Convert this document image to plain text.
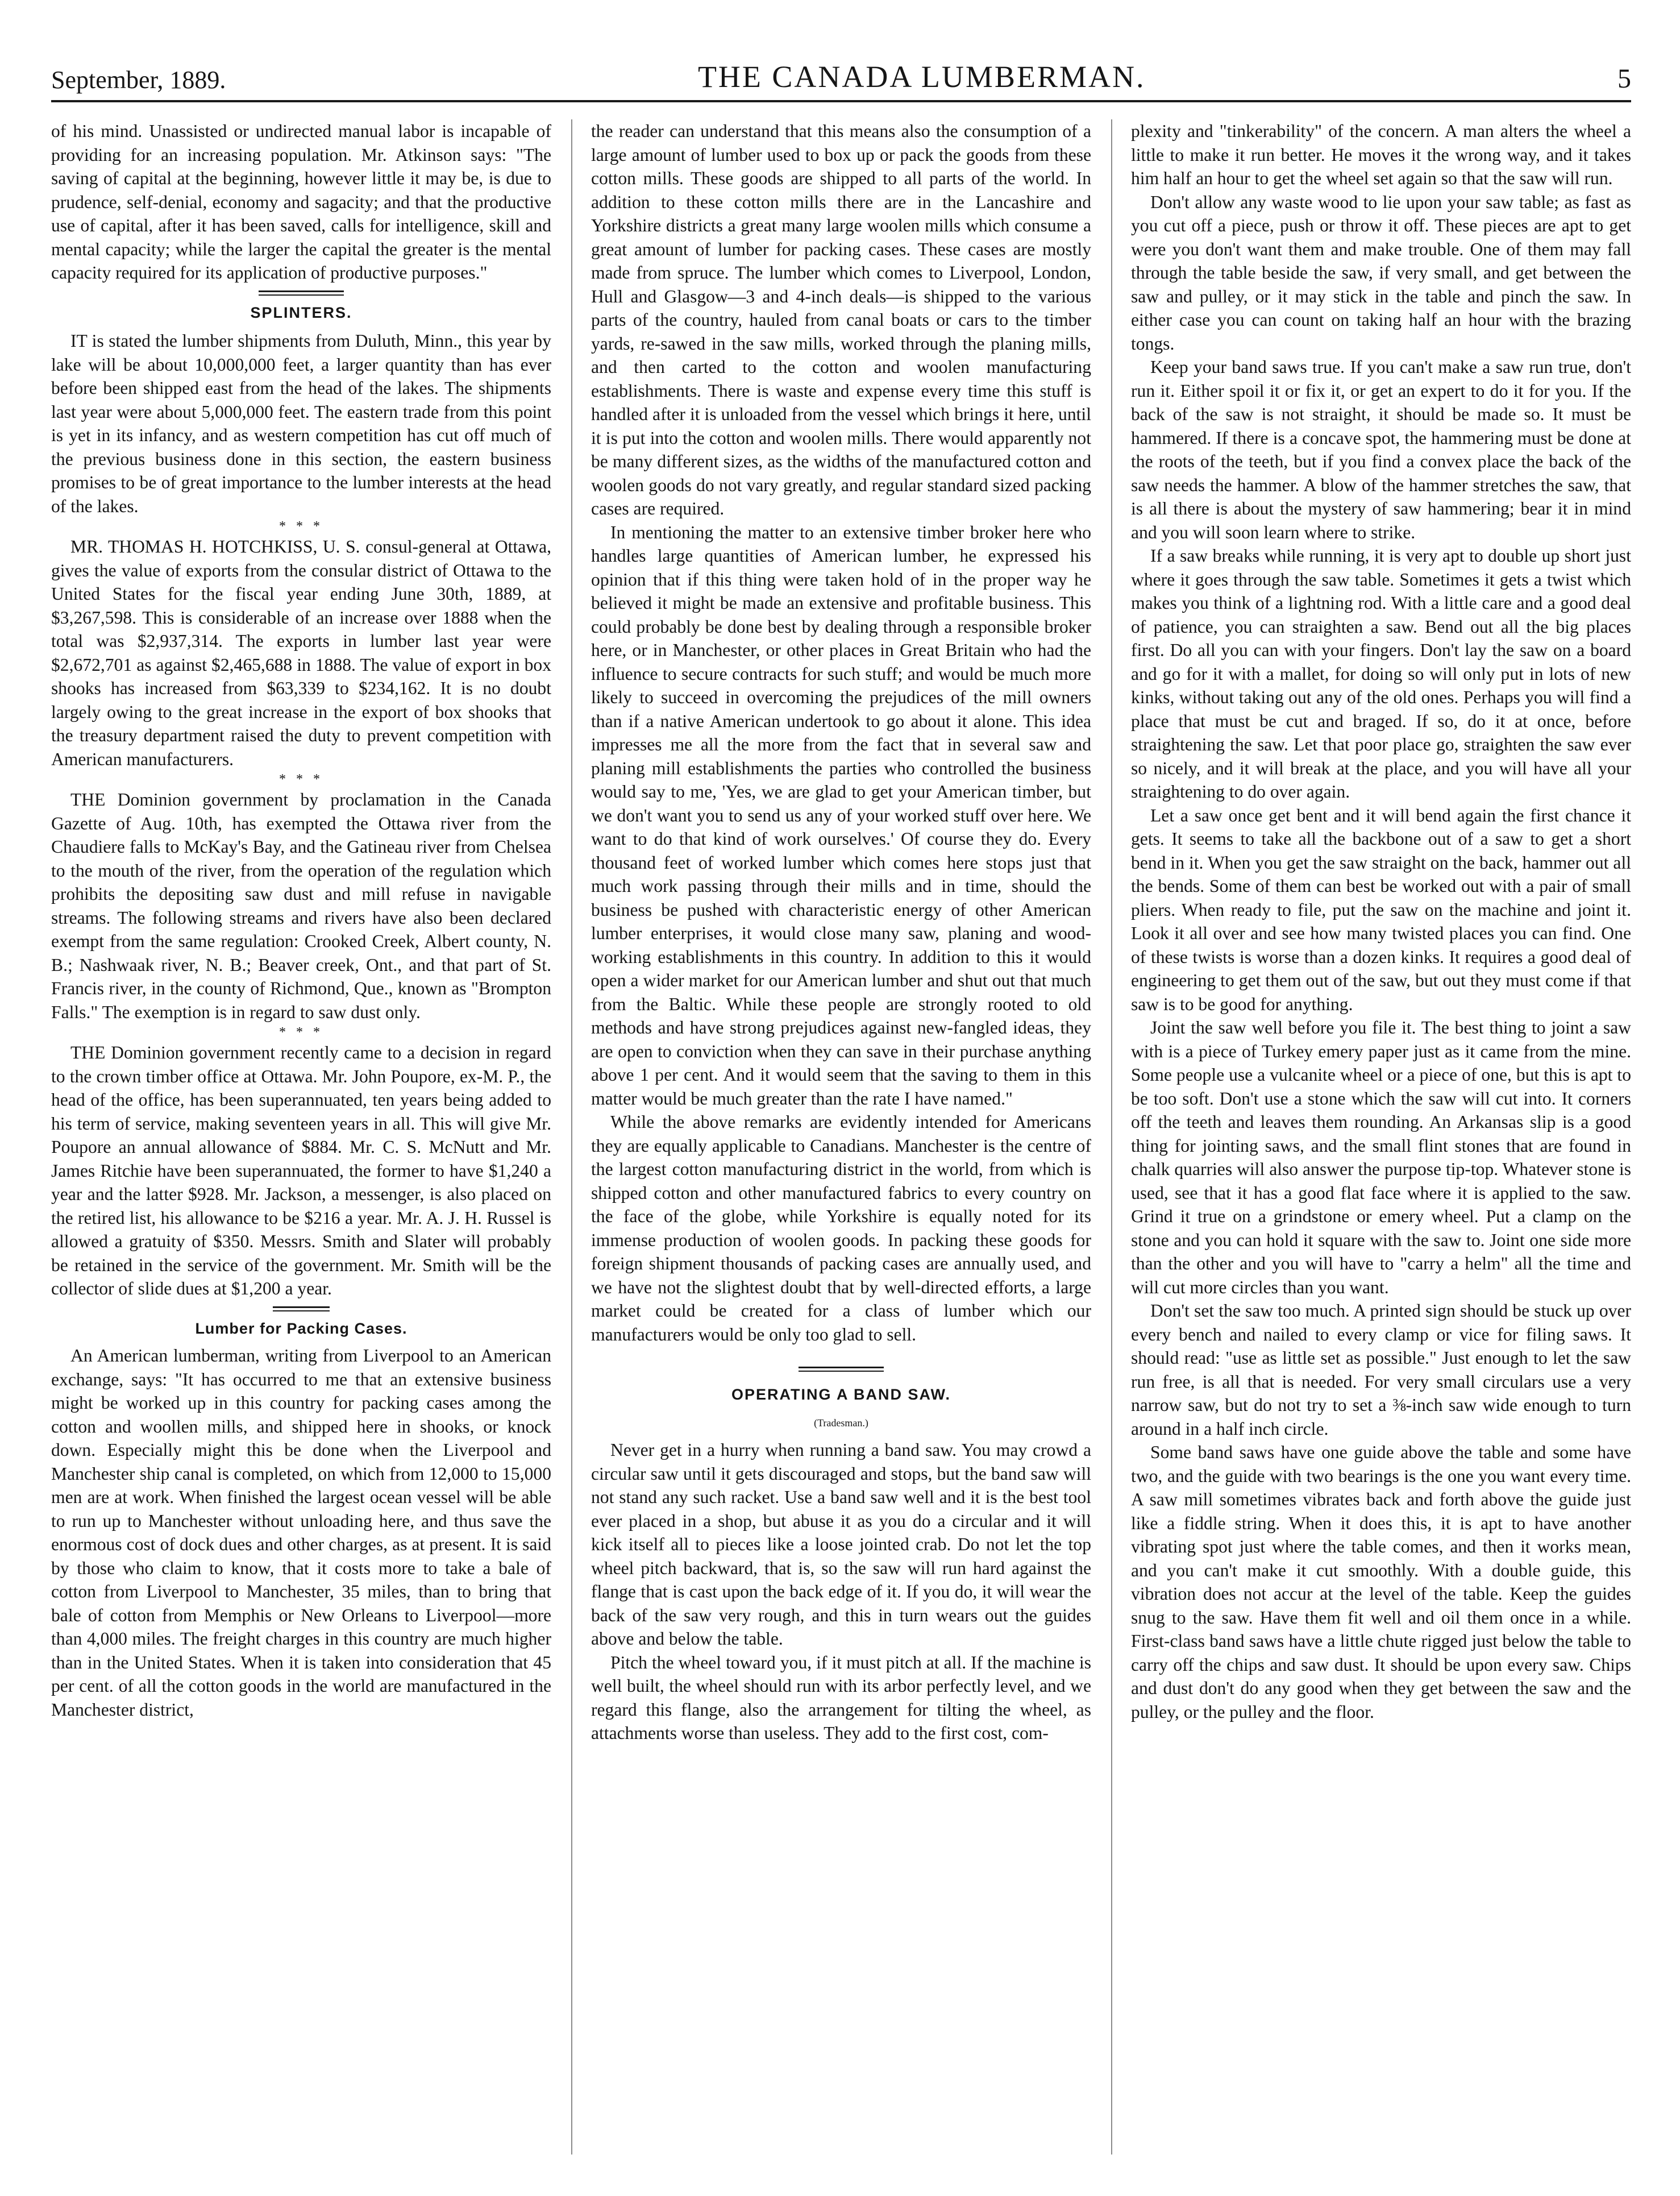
September, 1889.	THE CANADA LUMBERMAN.	5

of his mind. Unassisted or undirected manual labor is incapable of providing for an increasing population. Mr. Atkinson says: "The saving of capital at the beginning, however little it may be, is due to prudence, self-denial, economy and sagacity; and that the productive use of capital, after it has been saved, calls for intelligence, skill and mental capacity; while the larger the capital the greater is the mental capacity required for its application of productive purposes."

SPLINTERS.

IT is stated the lumber shipments from Duluth, Minn., this year by lake will be about 10,000,000 feet, a larger quantity than has ever before been shipped east from the head of the lakes. The shipments last year were about 5,000,000 feet. The eastern trade from this point is yet in its infancy, and as western competition has cut off much of the previous business done in this section, the eastern business promises to be of great importance to the lumber interests at the head of the lakes.

* * *

MR. THOMAS H. HOTCHKISS, U. S. consul-general at Ottawa, gives the value of exports from the consular district of Ottawa to the United States for the fiscal year ending June 30th, 1889, at $3,267,598. This is considerable of an increase over 1888 when the total was $2,937,314. The exports in lumber last year were $2,672,701 as against $2,465,688 in 1888. The value of export in box shooks has increased from $63,339 to $234,162. It is no doubt largely owing to the great increase in the export of box shooks that the treasury department raised the duty to prevent competition with American manufacturers.

* * *

THE Dominion government by proclamation in the Canada Gazette of Aug. 10th, has exempted the Ottawa river from the Chaudiere falls to McKay's Bay, and the Gatineau river from Chelsea to the mouth of the river, from the operation of the regulation which prohibits the depositing saw dust and mill refuse in navigable streams. The following streams and rivers have also been declared exempt from the same regulation: Crooked Creek, Albert county, N. B.; Nashwaak river, N. B.; Beaver creek, Ont., and that part of St. Francis river, in the county of Richmond, Que., known as "Brompton Falls." The exemption is in regard to saw dust only.

* * *

THE Dominion government recently came to a decision in regard to the crown timber office at Ottawa. Mr. John Poupore, ex-M. P., the head of the office, has been superannuated, ten years being added to his term of service, making seventeen years in all. This will give Mr. Poupore an annual allowance of $884. Mr. C. S. McNutt and Mr. James Ritchie have been superannuated, the former to have $1,240 a year and the latter $928. Mr. Jackson, a messenger, is also placed on the retired list, his allowance to be $216 a year. Mr. A. J. H. Russel is allowed a gratuity of $350. Messrs. Smith and Slater will probably be retained in the service of the government. Mr. Smith will be the collector of slide dues at $1,200 a year.

Lumber for Packing Cases.

An American lumberman, writing from Liverpool to an American exchange, says: "It has occurred to me that an extensive business might be worked up in this country for packing cases among the cotton and woollen mills, and shipped here in shooks, or knock down. Especially might this be done when the Liverpool and Manchester ship canal is completed, on which from 12,000 to 15,000 men are at work. When finished the largest ocean vessel will be able to run up to Manchester without unloading here, and thus save the enormous cost of dock dues and other charges, as at present. It is said by those who claim to know, that it costs more to take a bale of cotton from Liverpool to Manchester, 35 miles, than to bring that bale of cotton from Memphis or New Orleans to Liverpool—more than 4,000 miles. The freight charges in this country are much higher than in the United States. When it is taken into consideration that 45 per cent. of all the cotton goods in the world are manufactured in the Manchester district,

the reader can understand that this means also the consumption of a large amount of lumber used to box up or pack the goods from these cotton mills. These goods are shipped to all parts of the world. In addition to these cotton mills there are in the Lancashire and Yorkshire districts a great many large woolen mills which consume a great amount of lumber for packing cases. These cases are mostly made from spruce. The lumber which comes to Liverpool, London, Hull and Glasgow—3 and 4-inch deals—is shipped to the various parts of the country, hauled from canal boats or cars to the timber yards, re-sawed in the saw mills, worked through the planing mills, and then carted to the cotton and woolen manufacturing establishments. There is waste and expense every time this stuff is handled after it is unloaded from the vessel which brings it here, until it is put into the cotton and woolen mills. There would apparently not be many different sizes, as the widths of the manufactured cotton and woolen goods do not vary greatly, and regular standard sized packing cases are required.

In mentioning the matter to an extensive timber broker here who handles large quantities of American lumber, he expressed his opinion that if this thing were taken hold of in the proper way he believed it might be made an extensive and profitable business. This could probably be done best by dealing through a responsible broker here, or in Manchester, or other places in Great Britain who had the influence to secure contracts for such stuff; and would be much more likely to succeed in overcoming the prejudices of the mill owners than if a native American undertook to go about it alone. This idea impresses me all the more from the fact that in several saw and planing mill establishments the parties who controlled the business would say to me, 'Yes, we are glad to get your American timber, but we don't want you to send us any of your worked stuff over here. We want to do that kind of work ourselves.' Of course they do. Every thousand feet of worked lumber which comes here stops just that much work passing through their mills and in time, should the business be pushed with characteristic energy of other American lumber enterprises, it would close many saw, planing and wood-working establishments in this country. In addition to this it would open a wider market for our American lumber and shut out that much from the Baltic. While these people are strongly rooted to old methods and have strong prejudices against new-fangled ideas, they are open to conviction when they can save in their purchase anything above 1 per cent. And it would seem that the saving to them in this matter would be much greater than the rate I have named."

While the above remarks are evidently intended for Americans they are equally applicable to Canadians. Manchester is the centre of the largest cotton manufacturing district in the world, from which is shipped cotton and other manufactured fabrics to every country on the face of the globe, while Yorkshire is equally noted for its immense production of woolen goods. In packing these goods for foreign shipment thousands of packing cases are annually used, and we have not the slightest doubt that by well-directed efforts, a large market could be created for a class of lumber which our manufacturers would be only too glad to sell.

OPERATING A BAND SAW.
(Tradesman.)

Never get in a hurry when running a band saw. You may crowd a circular saw until it gets discouraged and stops, but the band saw will not stand any such racket. Use a band saw well and it is the best tool ever placed in a shop, but abuse it as you do a circular and it will kick itself all to pieces like a loose jointed crab. Do not let the top wheel pitch backward, that is, so the saw will run hard against the flange that is cast upon the back edge of it. If you do, it will wear the back of the saw very rough, and this in turn wears out the guides above and below the table.

Pitch the wheel toward you, if it must pitch at all. If the machine is well built, the wheel should run with its arbor perfectly level, and we regard this flange, also the arrangement for tilting the wheel, as attachments worse than useless. They add to the first cost, com-

plexity and "tinkerability" of the concern. A man alters the wheel a little to make it run better. He moves it the wrong way, and it takes him half an hour to get the wheel set again so that the saw will run.

Don't allow any waste wood to lie upon your saw table; as fast as you cut off a piece, push or throw it off. These pieces are apt to get were you don't want them and make trouble. One of them may fall through the table beside the saw, if very small, and get between the saw and pulley, or it may stick in the table and pinch the saw. In either case you can count on taking half an hour with the brazing tongs.

Keep your band saws true. If you can't make a saw run true, don't run it. Either spoil it or fix it, or get an expert to do it for you. If the back of the saw is not straight, it should be made so. It must be hammered. If there is a concave spot, the hammering must be done at the roots of the teeth, but if you find a convex place the back of the saw needs the hammer. A blow of the hammer stretches the saw, that is all there is about the mystery of saw hammering; bear it in mind and you will soon learn where to strike.

If a saw breaks while running, it is very apt to double up short just where it goes through the saw table. Sometimes it gets a twist which makes you think of a lightning rod. With a little care and a good deal of patience, you can straighten a saw. Bend out all the big places first. Do all you can with your fingers. Don't lay the saw on a board and go for it with a mallet, for doing so will only put in lots of new kinks, without taking out any of the old ones. Perhaps you will find a place that must be cut and braged. If so, do it at once, before straightening the saw. Let that poor place go, straighten the saw ever so nicely, and it will break at the place, and you will have all your straightening to do over again.

Let a saw once get bent and it will bend again the first chance it gets. It seems to take all the backbone out of a saw to get a short bend in it. When you get the saw straight on the back, hammer out all the bends. Some of them can best be worked out with a pair of small pliers. When ready to file, put the saw on the machine and joint it. Look it all over and see how many twisted places you can find. One of these twists is worse than a dozen kinks. It requires a good deal of engineering to get them out of the saw, but out they must come if that saw is to be good for anything.

Joint the saw well before you file it. The best thing to joint a saw with is a piece of Turkey emery paper just as it came from the mine. Some people use a vulcanite wheel or a piece of one, but this is apt to be too soft. Don't use a stone which the saw will cut into. It corners off the teeth and leaves them rounding. An Arkansas slip is a good thing for jointing saws, and the small flint stones that are found in chalk quarries will also answer the purpose tip-top. Whatever stone is used, see that it has a good flat face where it is applied to the saw. Grind it true on a grindstone or emery wheel. Put a clamp on the stone and you can hold it square with the saw to. Joint one side more than the other and you will have to "carry a helm" all the time and will cut more circles than you want.

Don't set the saw too much. A printed sign should be stuck up over every bench and nailed to every clamp or vice for filing saws. It should read: "use as little set as possible." Just enough to let the saw run free, is all that is needed. For very small circulars use a very narrow saw, but do not try to set a ⅜-inch saw wide enough to turn around in a half inch circle.

Some band saws have one guide above the table and some have two, and the guide with two bearings is the one you want every time. A saw mill sometimes vibrates back and forth above the guide just like a fiddle string. When it does this, it is apt to have another vibrating spot just where the table comes, and then it works mean, and you can't make it cut smoothly. With a double guide, this vibration does not accur at the level of the table. Keep the guides snug to the saw. Have them fit well and oil them once in a while. First-class band saws have a little chute rigged just below the table to carry off the chips and saw dust. It should be upon every saw. Chips and dust don't do any good when they get between the saw and the pulley, or the pulley and the floor.
